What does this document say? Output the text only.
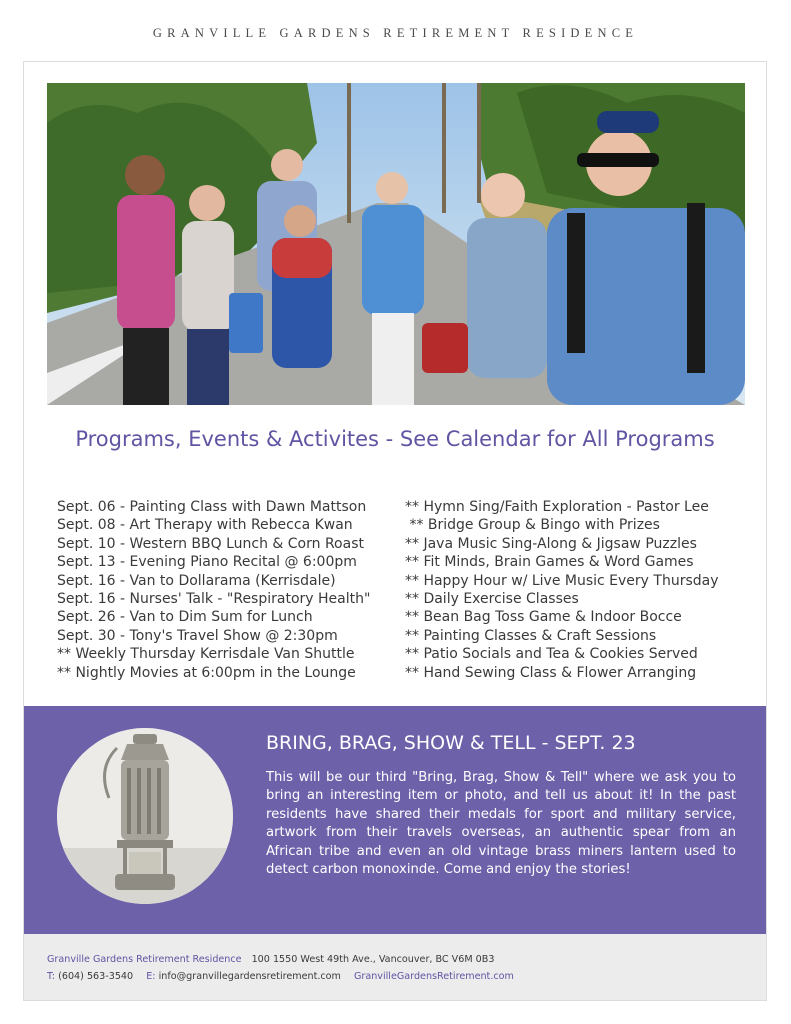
GRANVILLE GARDENS RETIREMENT RESIDENCE
Programs, Events & Activites - See Calendar for All Programs
Sept. 06 - Painting Class with Dawn Mattson
Sept. 08 - Art Therapy with Rebecca Kwan
Sept. 10 - Western BBQ Lunch & Corn Roast
Sept. 13 - Evening Piano Recital @ 6:00pm
Sept. 16 - Van to Dollarama (Kerrisdale)
Sept. 16 - Nurses' Talk - "Respiratory Health"
Sept. 26 - Van to Dim Sum for Lunch
Sept. 30 - Tony's Travel Show @ 2:30pm
** Weekly Thursday Kerrisdale Van Shuttle
** Nightly Movies at 6:00pm in the Lounge
** Hymn Sing/Faith Exploration - Pastor Lee
** Bridge Group & Bingo with Prizes
** Java Music Sing-Along & Jigsaw Puzzles
** Fit Minds, Brain Games & Word Games
** Happy Hour w/ Live Music Every Thursday
** Daily Exercise Classes
** Bean Bag Toss Game & Indoor Bocce
** Painting Classes & Craft Sessions
** Patio Socials and Tea & Cookies Served
** Hand Sewing Class & Flower Arranging
BRING, BRAG, SHOW & TELL - SEPT. 23
This will be our third "Bring, Brag, Show & Tell" where we ask you to bring an interesting item or photo, and tell us about it! In the past residents have shared their medals for sport and military service, artwork from their travels overseas, an authentic spear from an African tribe and even an old vintage brass miners lantern used to detect carbon monoxinde. Come and enjoy the stories!
Granville Gardens Retirement Residence 100 1550 West 49th Ave., Vancouver, BC V6M 0B3
T: (604) 563-3540 E: info@granvillegardensretirement.com GranvilleGardensRetirement.com
